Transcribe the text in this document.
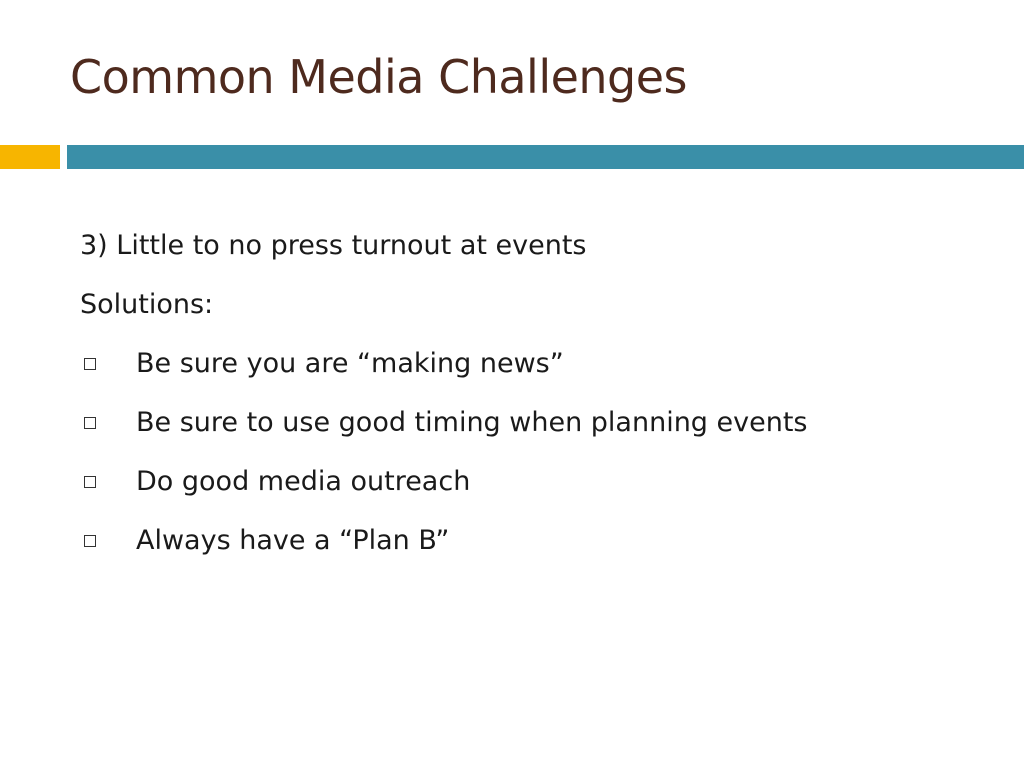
Common Media Challenges

3) Little to no press turnout at events

Solutions:

Be sure you are “making news”
Be sure to use good timing when planning events
Do good media outreach
Always have a “Plan B”
